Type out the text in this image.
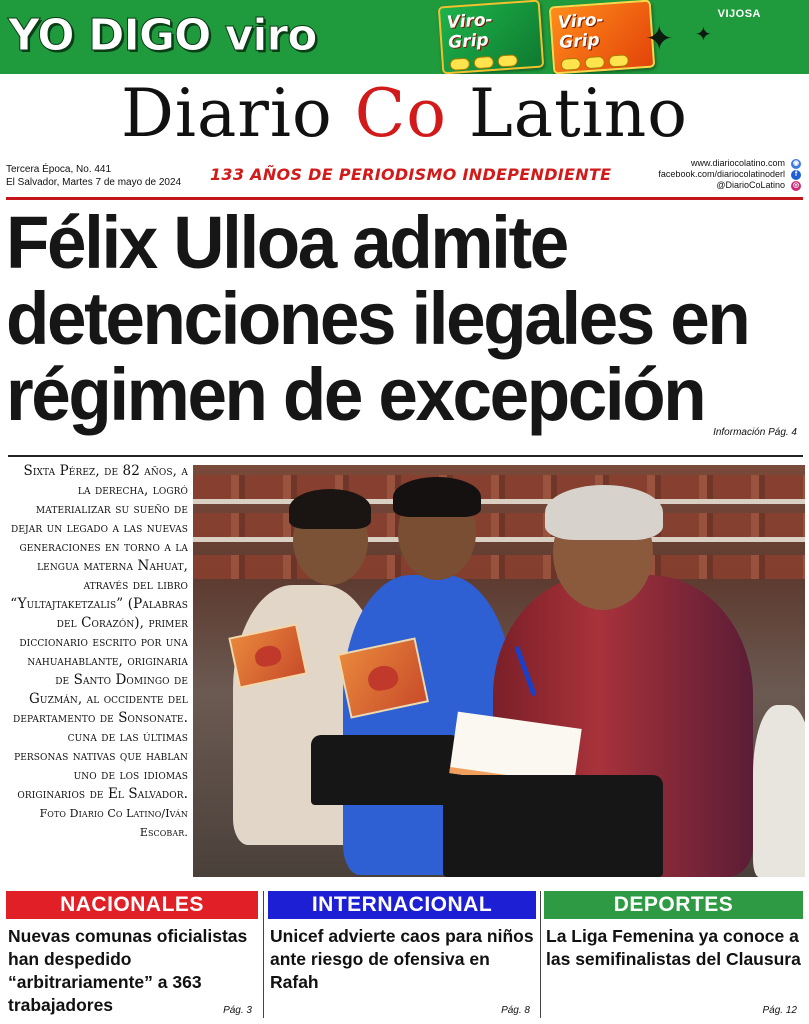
YO DIGO viro	Viro-Grip
Viro-Grip	✦ ✦
VIJOSA
Diario Co Latino
Tercera Época, No. 441
El Salvador, Martes 7 de mayo de 2024 133 AÑOS DE PERIODISMO INDEPENDIENTE
www.diariocolatino.com
facebook.com/diariocolatinoderl
@DiarioCoLatino
◉
f
◎
Félix Ulloa admite
detenciones ilegales en
régimen de excepción Información Pág. 4
Sixta Pérez, de 82 años, a la derecha, logró materializar su sueño de dejar un legado a las nuevas generaciones en torno a la lengua materna Nahuat, através del libro “Yultajtaketzalis” (Palabras del Corazón), primer diccionario escrito por una nahuahablante, originaria de Santo Domingo de Guzmán, al occidente del departamento de Sonsonate. cuna de las últimas personas nativas que hablan uno de los idiomas originarios de El Salvador. Foto Diario Co Latino/Iván Escobar.
NACIONALES
Nuevas comunas oficialistas han despedido “arbitrariamente” a 363 trabajadores	Pág. 3
INTERNACIONAL
Unicef advierte caos para niños ante riesgo de ofensiva en Rafah
Pág. 8
DEPORTES
La Liga Femenina ya conoce a las semifinalistas del Clausura
Pág. 12
